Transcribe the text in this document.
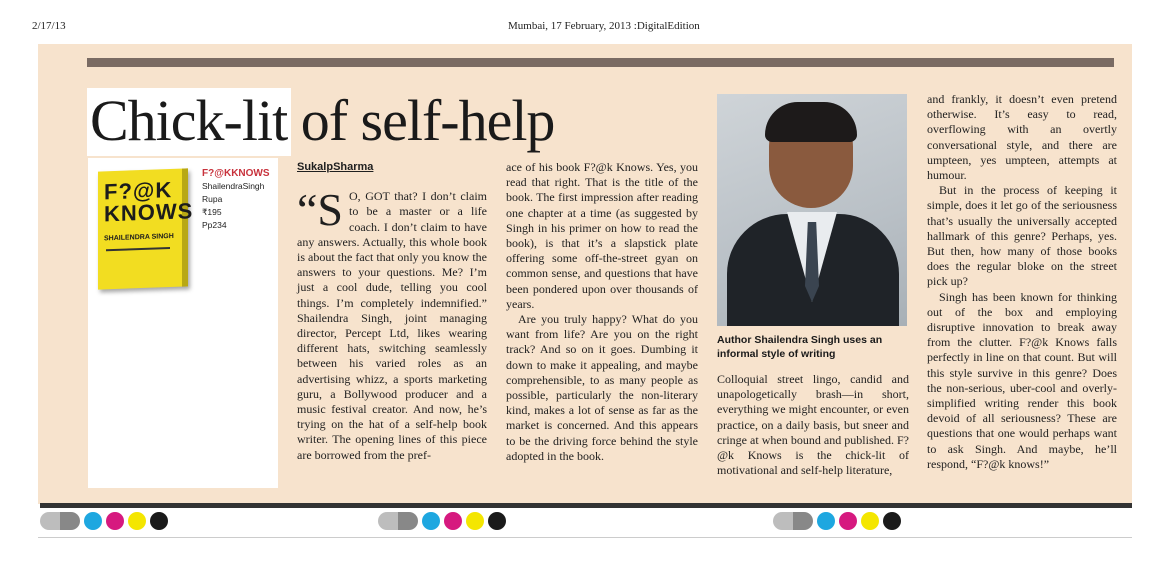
2/17/13	Mumbai, 17 February, 2013 :DigitalEdition
Chick-lit of self-help
F?@K
KNOWS
SHAILENDRA SINGH
F?@KKNOWS
ShailendraSingh
Rupa
₹195
Pp234
SukalpSharma

“S O, GOT that? I don’t claim to be a master or a life coach. I don’t claim to have any answers. Actually, this whole book is about the fact that only you know the answers to your questions. Me? I’m just a cool dude, telling you cool things. I’m completely indemnified.” Shailendra Singh, joint managing director, Percept Ltd, likes wearing different hats, switching seamlessly between his varied roles as an advertising whizz, a sports marketing guru, a Bollywood producer and a music festival creator. And now, he’s trying on the hat of a self-help book writer. The opening lines of this piece are borrowed from the pref-

ace of his book F?@k Knows. Yes, you read that right. That is the title of the book. The first impression after reading one chapter at a time (as suggested by Singh in his primer on how to read the book), is that it’s a slapstick plate offering some off-the-street gyan on common sense, and questions that have been pondered upon over thousands of years.

Are you truly happy? What do you want from life? Are you on the right track? And so on it goes. Dumbing it down to make it appealing, and maybe comprehensible, to as many people as possible, particularly the non-literary kind, makes a lot of sense as far as the market is concerned. And this appears to be the driving force behind the style adopted in the book.

Author Shailendra Singh uses an informal style of writing

Colloquial street lingo, candid and unapologetically brash—in short, everything we might encounter, or even practice, on a daily basis, but sneer and cringe at when bound and published. F?@k Knows is the chick-lit of motivational and self-help literature,

and frankly, it doesn’t even pretend otherwise. It’s easy to read, overflowing with an overtly conversational style, and there are umpteen, yes umpteen, attempts at humour.

But in the process of keeping it simple, does it let go of the seriousness that’s usually the universally accepted hallmark of this genre? Perhaps, yes. But then, how many of those books does the regular bloke on the street pick up?

Singh has been known for thinking out of the box and employing disruptive innovation to break away from the clutter. F?@k Knows falls perfectly in line on that count. But will this style survive in this genre? Does the non-serious, uber-cool and overly-simplified writing render this book devoid of all seriousness? These are questions that one would perhaps want to ask Singh. And maybe, he’ll respond, “F?@k knows!”
